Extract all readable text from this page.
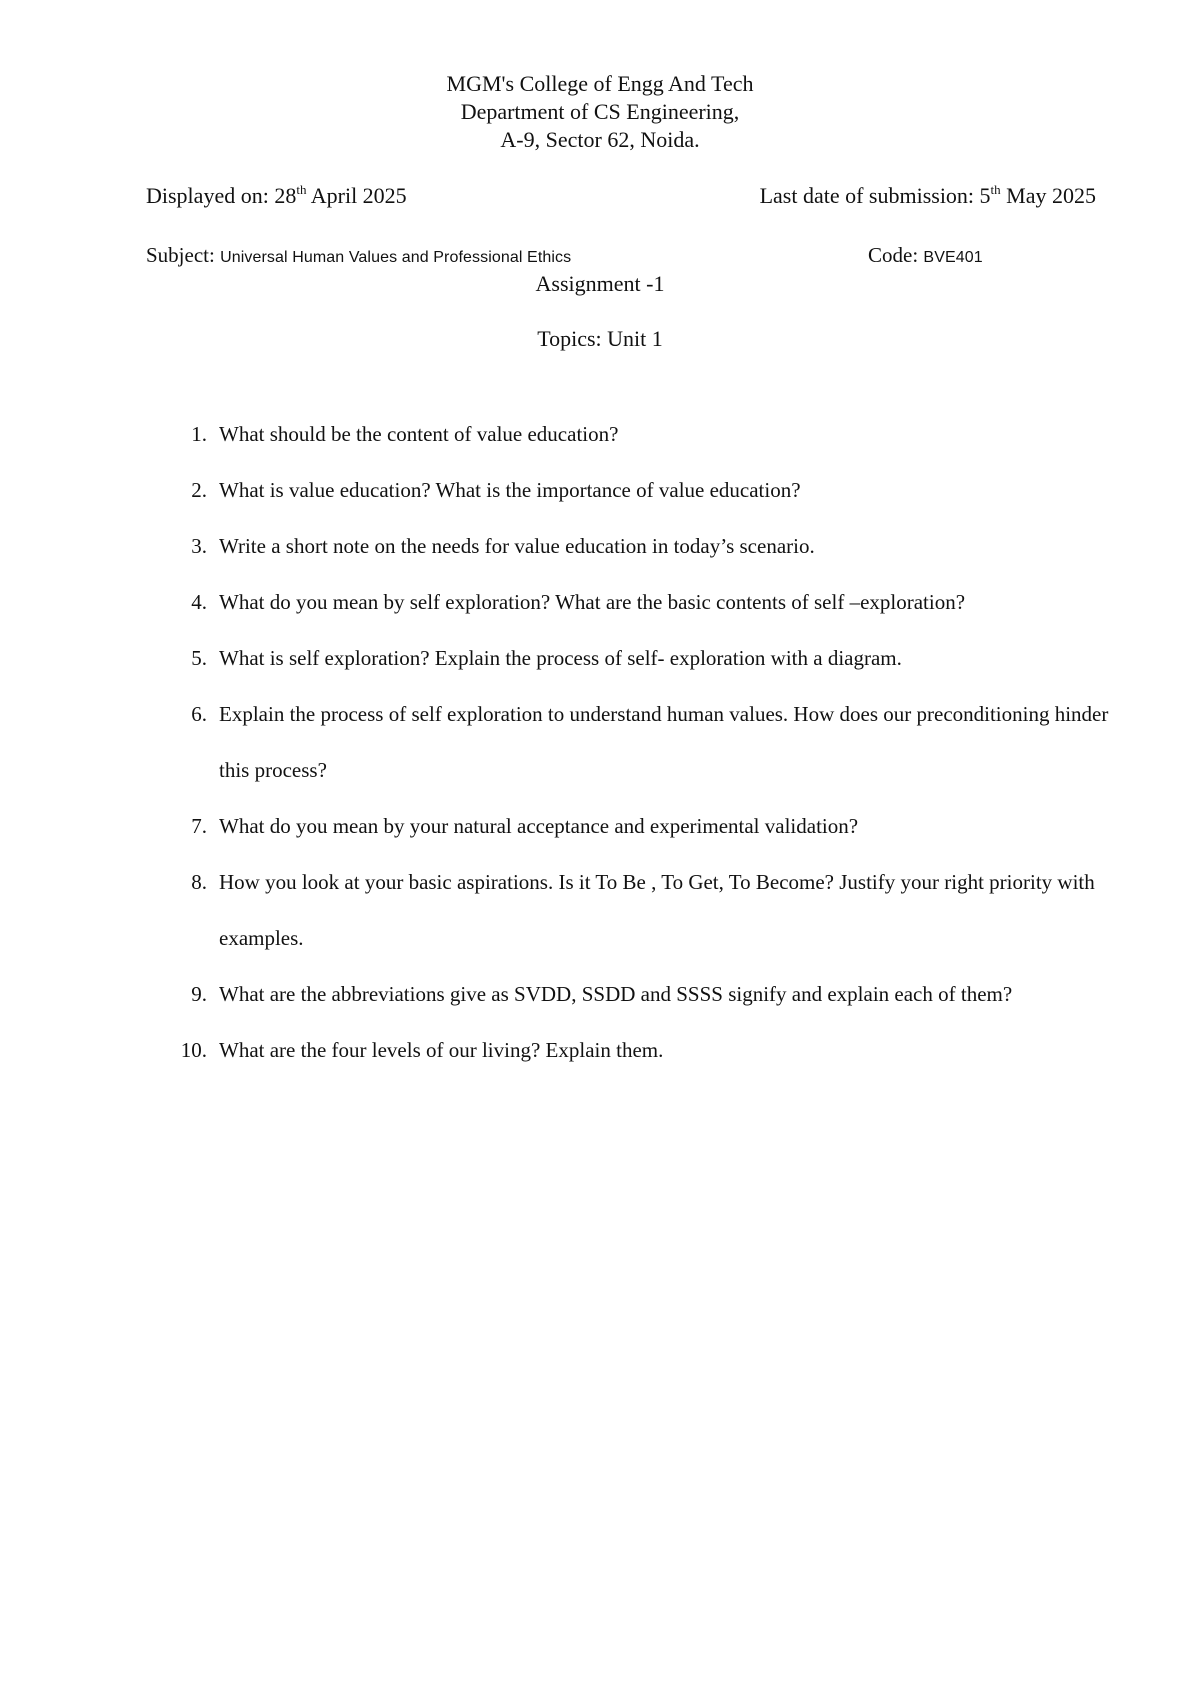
MGM's College of Engg And Tech
Department of CS Engineering,
A-9, Sector 62, Noida.
Displayed on: 28th April 2025	Last date of submission: 5th May 2025
Subject: Universal Human Values and Professional Ethics	Code: BVE401
Assignment -1
Topics: Unit 1
1. What should be the content of value education?
2. What is value education? What is the importance of value education?
3. Write a short note on the needs for value education in today’s scenario.
4. What do you mean by self exploration? What are the basic contents of self –exploration?
5. What is self exploration? Explain the process of self- exploration with a diagram.
6. Explain the process of self exploration to understand human values. How does our preconditioning hinder this process?
7. What do you mean by your natural acceptance and experimental validation?
8. How you look at your basic aspirations. Is it To Be , To Get, To Become? Justify your right priority with examples.
9. What are the abbreviations give as SVDD, SSDD and SSSS signify and explain each of them?
10. What are the four levels of our living? Explain them.
